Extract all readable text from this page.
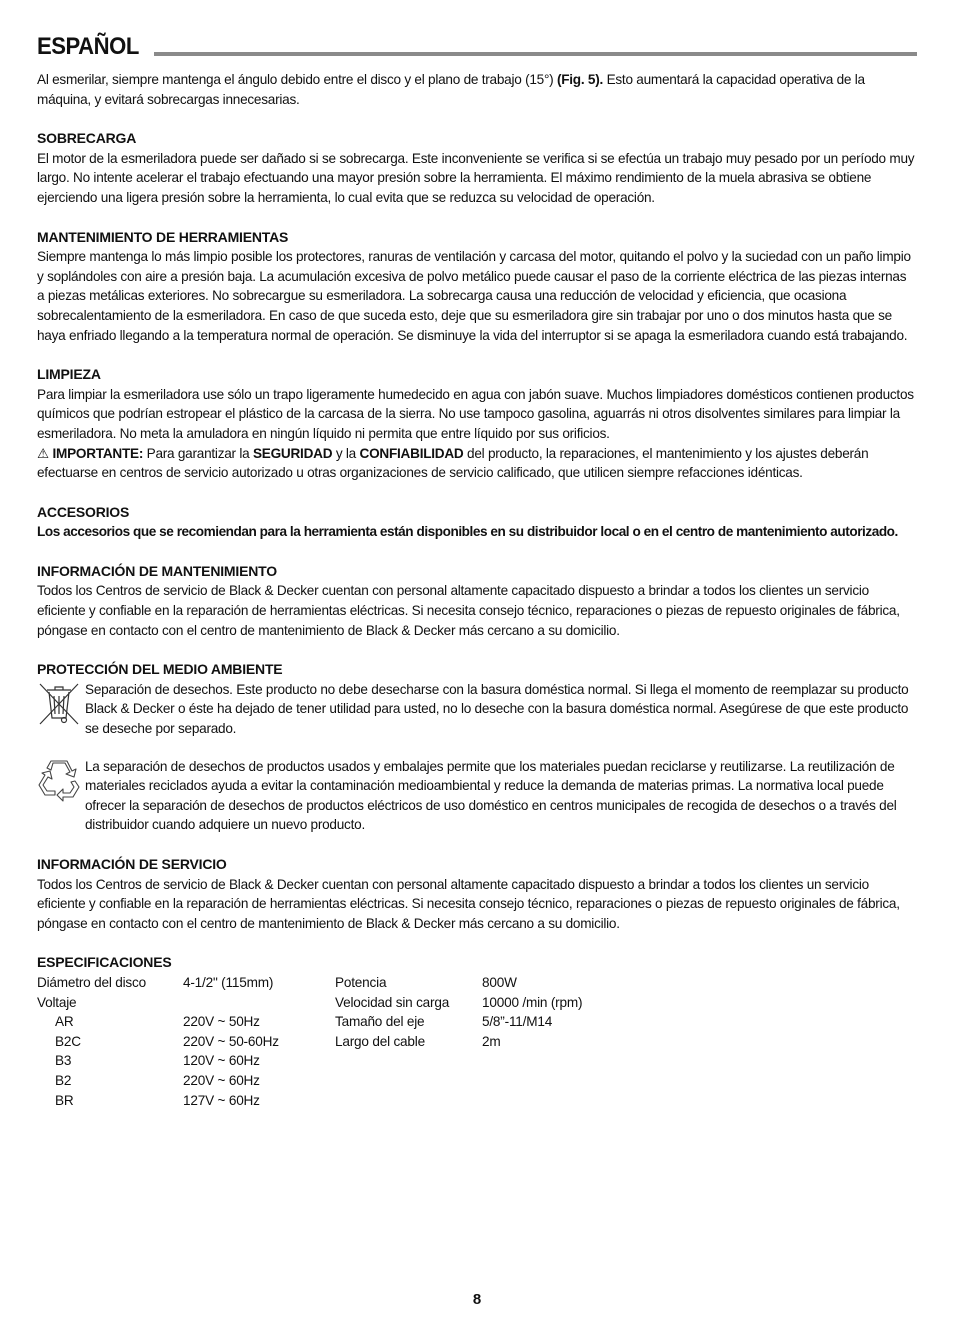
ESPAÑOL

Al esmerilar, siempre mantenga el ángulo debido entre el disco y el plano de trabajo (15°) (Fig. 5). Esto aumentará la capacidad operativa de la máquina, y evitará sobrecargas innecesarias.

SOBRECARGA

El motor de la esmeriladora puede ser dañado si se sobrecarga. Este inconveniente se verifica si se efectúa un trabajo muy pesado por un período muy largo. No intente acelerar el trabajo efectuando una mayor presión sobre la herramienta. El máximo rendimiento de la muela abrasiva se obtiene ejerciendo una ligera presión sobre la herramienta, lo cual evita que se reduzca su velocidad de operación.

MANTENIMIENTO DE HERRAMIENTAS

Siempre mantenga lo más limpio posible los protectores, ranuras de ventilación y carcasa del motor, quitando el polvo y la suciedad con un paño limpio y soplándoles con aire a presión baja. La acumulación excesiva de polvo metálico puede causar el paso de la corriente eléctrica de las piezas internas a piezas metálicas exteriores. No sobrecargue su esmeriladora. La sobrecarga causa una reducción de velocidad y eficiencia, que ocasiona sobrecalentamiento de la esmeriladora. En caso de que suceda esto, deje que su esmeriladora gire sin trabajar por uno o dos minutos hasta que se haya enfriado llegando a la temperatura normal de operación. Se disminuye la vida del interruptor si se apaga la esmeriladora cuando está trabajando.

LIMPIEZA

Para limpiar la esmeriladora use sólo un trapo ligeramente humedecido en agua con jabón suave. Muchos limpiadores domésticos contienen productos químicos que podrían estropear el plástico de la carcasa de la sierra. No use tampoco gasolina, aguarrás ni otros disolventes similares para limpiar la esmeriladora. No meta la amuladora en ningún líquido ni permita que entre líquido por sus orificios.

⚠ IMPORTANTE: Para garantizar la SEGURIDAD y la CONFIABILIDAD del producto, la reparaciones, el mantenimiento y los ajustes deberán efectuarse en centros de servicio autorizado u otras organizaciones de servicio calificado, que utilicen siempre refacciones idénticas.

ACCESORIOS

Los accesorios que se recomiendan para la herramienta están disponibles en su distribuidor local o en el centro de mantenimiento autorizado.

INFORMACIÓN DE MANTENIMIENTO

Todos los Centros de servicio de Black & Decker cuentan con personal altamente capacitado dispuesto a brindar a todos los clientes un servicio eficiente y confiable en la reparación de herramientas eléctricas. Si necesita consejo técnico, reparaciones o piezas de repuesto originales de fábrica, póngase en contacto con el centro de mantenimiento de Black & Decker más cercano a su domicilio.

PROTECCIÓN DEL MEDIO AMBIENTE

Separación de desechos. Este producto no debe desecharse con la basura doméstica normal. Si llega el momento de reemplazar su producto Black & Decker o éste ha dejado de tener utilidad para usted, no lo deseche con la basura doméstica normal. Asegúrese de que este producto se deseche por separado.

La separación de desechos de productos usados y embalajes permite que los materiales puedan reciclarse y reutilizarse. La reutilización de materiales reciclados ayuda a evitar la contaminación medioambiental y reduce la demanda de materias primas. La normativa local puede ofrecer la separación de desechos de productos eléctricos de uso doméstico en centros municipales de recogida de desechos o a través del distribuidor cuando adquiere un nuevo producto.

INFORMACIÓN DE SERVICIO

Todos los Centros de servicio de Black & Decker cuentan con personal altamente capacitado dispuesto a brindar a todos los clientes un servicio eficiente y confiable en la reparación de herramientas eléctricas. Si necesita consejo técnico, reparaciones o piezas de repuesto originales de fábrica, póngase en contacto con el centro de mantenimiento de Black & Decker más cercano a su domicilio.

ESPECIFICACIONES
Diámetro del disco	4-1/2" (115mm)	Potencia	800W
Voltaje		Velocidad sin carga	10000 /min (rpm)
AR	220V ~ 50Hz	Tamaño del eje	5/8”-11/M14
B2C	220V ~ 50-60Hz	Largo del cable	2m
B3	120V ~ 60Hz		
B2	220V ~ 60Hz		
BR	127V ~ 60Hz		
8
